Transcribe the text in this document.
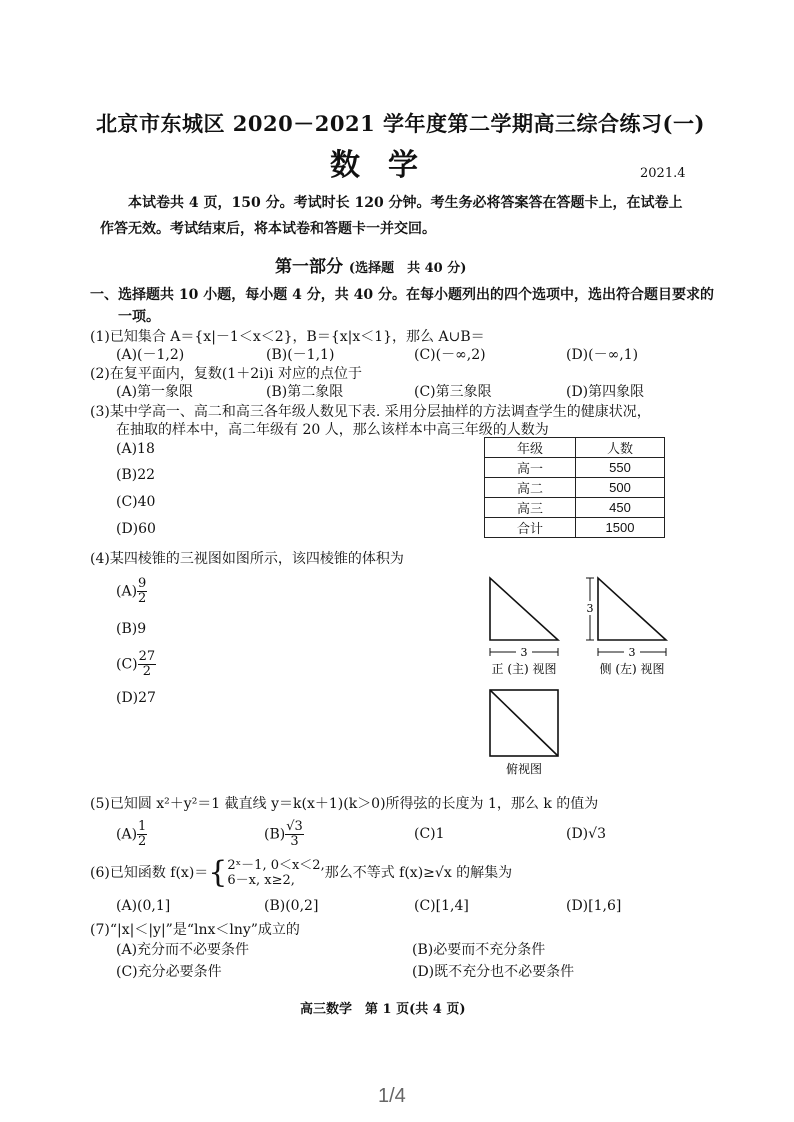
北京市东城区 2020－2021 学年度第二学期高三综合练习(一)
数学	2021.4
本试卷共 4 页，150 分。考试时长 120 分钟。考生务必将答案答在答题卡上，在试卷上作答无效。考试结束后，将本试卷和答题卡一并交回。
第一部分 (选择题　共 40 分)
一、选择题共 10 小题，每小题 4 分，共 40 分。在每小题列出的四个选项中，选出符合题目要求的一项。
(1)已知集合 A＝{x|－1＜x＜2}，B＝{x|x＜1}，那么 A∪B＝
(A)(－1,2)	(B)(－1,1)	(C)(－∞,2)	(D)(－∞,1)
(2)在复平面内，复数(1＋2i)i 对应的点位于
(A)第一象限	(B)第二象限	(C)第三象限	(D)第四象限
(3)某中学高一、高二和高三各年级人数见下表. 采用分层抽样的方法调查学生的健康状况，
在抽取的样本中，高二年级有 20 人，那么该样本中高三年级的人数为
(A)18
(B)22
(C)40
(D)60
年级	人数
高一	550
高二	500
高三	450
合计	1500
(4)某四棱锥的三视图如图所示，该四棱锥的体积为
$(A) \frac{9}{2}$
(B)9
$(C) \frac{27}{2}$
(D)27
3
正 (主) 视图
3
3
侧 (左) 视图
俯视图
(5)已知圆 x²＋y²＝1 截直线 y＝k(x＋1)(k＞0)所得弦的长度为 1，那么 k 的值为
$(A) \frac{1}{2}$	$(B) \frac{√3}{3}$	(C)1	(D)√3
(6)已知函数 f(x)＝{ 2ˣ－1, 0＜x＜2,
6－x, x≥2,	那么不等式 f(x)≥√x 的解集为
(A)(0,1]	(B)(0,2]	(C)[1,4]	(D)[1,6]
(7)“|x|＜|y|”是“lnx＜lny”成立的
(A)充分而不必要条件	(B)必要而不充分条件
(C)充分必要条件	(D)既不充分也不必要条件
高三数学　第 1 页(共 4 页)
1/4
